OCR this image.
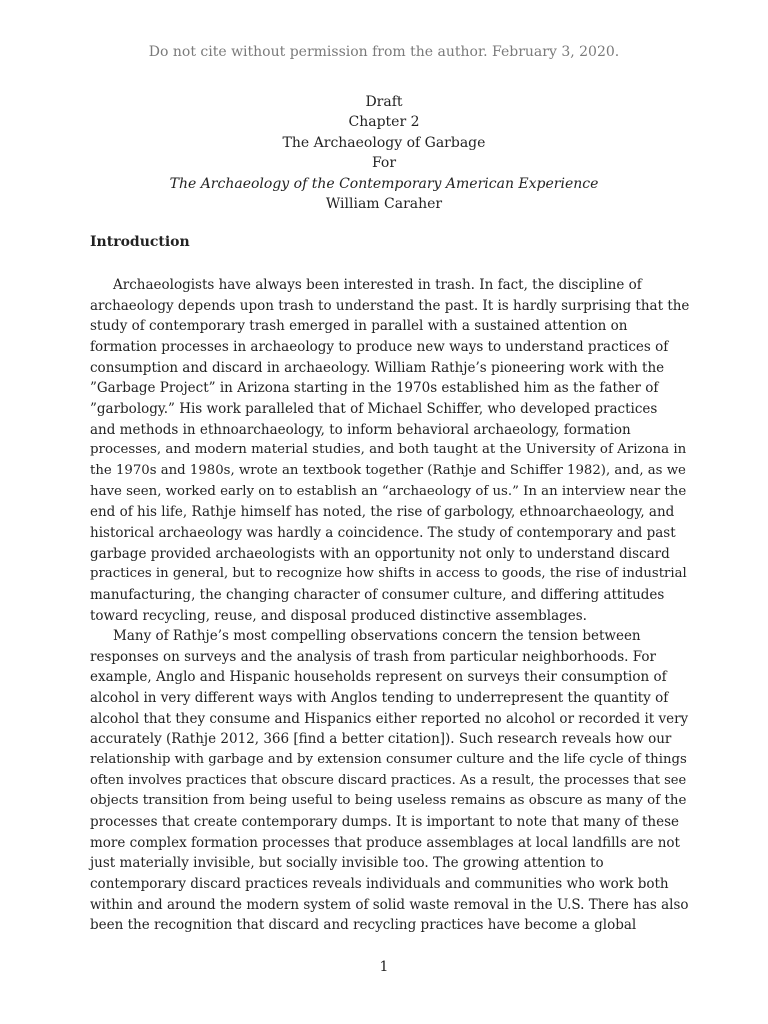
Do not cite without permission from the author. February 3, 2020.
Draft
Chapter 2
The Archaeology of Garbage
For
The Archaeology of the Contemporary American Experience
William Caraher
Introduction
Archaeologists have always been interested in trash. In fact, the discipline of
archaeology depends upon trash to understand the past. It is hardly surprising that the
study of contemporary trash emerged in parallel with a sustained attention on
formation processes in archaeology to produce new ways to understand practices of
consumption and discard in archaeology. William Rathje’s pioneering work with the
”Garbage Project” in Arizona starting in the 1970s established him as the father of
”garbology.” His work paralleled that of Michael Schiffer, who developed practices
and methods in ethnoarchaeology, to inform behavioral archaeology, formation
processes, and modern material studies, and both taught at the University of Arizona in
the 1970s and 1980s, wrote an textbook together (Rathje and Schiffer 1982), and, as we
have seen, worked early on to establish an “archaeology of us.” In an interview near the
end of his life, Rathje himself has noted, the rise of garbology, ethnoarchaeology, and
historical archaeology was hardly a coincidence. The study of contemporary and past
garbage provided archaeologists with an opportunity not only to understand discard
practices in general, but to recognize how shifts in access to goods, the rise of industrial
manufacturing, the changing character of consumer culture, and differing attitudes
toward recycling, reuse, and disposal produced distinctive assemblages.
Many of Rathje’s most compelling observations concern the tension between
responses on surveys and the analysis of trash from particular neighborhoods. For
example, Anglo and Hispanic households represent on surveys their consumption of
alcohol in very different ways with Anglos tending to underrepresent the quantity of
alcohol that they consume and Hispanics either reported no alcohol or recorded it very
accurately (Rathje 2012, 366 [find a better citation]). Such research reveals how our
relationship with garbage and by extension consumer culture and the life cycle of things
often involves practices that obscure discard practices. As a result, the processes that see
objects transition from being useful to being useless remains as obscure as many of the
processes that create contemporary dumps. It is important to note that many of these
more complex formation processes that produce assemblages at local landfills are not
just materially invisible, but socially invisible too. The growing attention to
contemporary discard practices reveals individuals and communities who work both
within and around the modern system of solid waste removal in the U.S. There has also
been the recognition that discard and recycling practices have become a global
1
